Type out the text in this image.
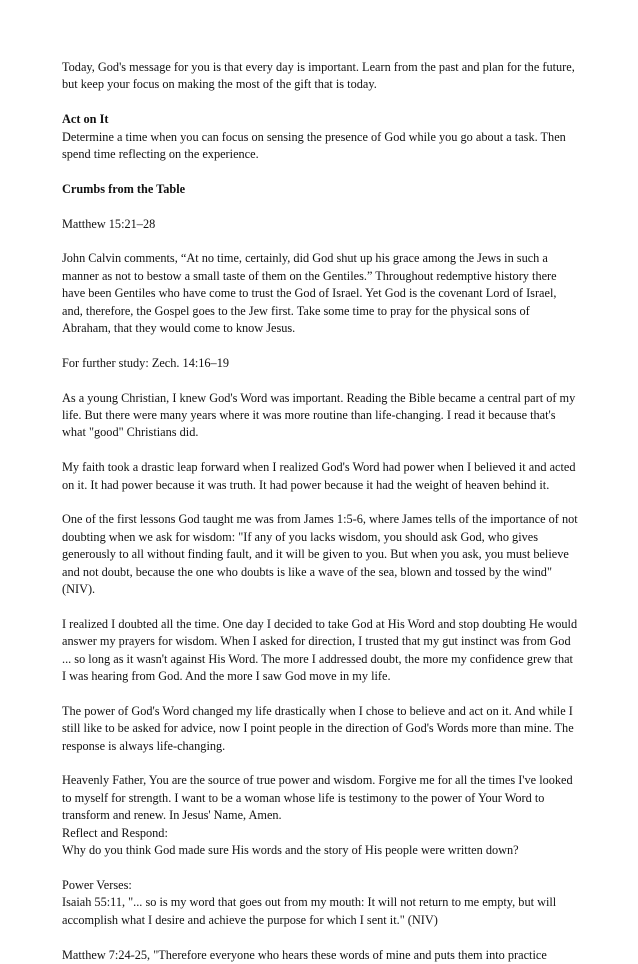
Today, God's message for you is that every day is important. Learn from the past and plan for the future, but keep your focus on making the most of the gift that is today.

Act on It

Determine a time when you can focus on sensing the presence of God while you go about a task. Then spend time reflecting on the experience.

Crumbs from the Table

Matthew 15:21–28

John Calvin comments, “At no time, certainly, did God shut up his grace among the Jews in such a manner as not to bestow a small taste of them on the Gentiles.” Throughout redemptive history there have been Gentiles who have come to trust the God of Israel. Yet God is the covenant Lord of Israel, and, therefore, the Gospel goes to the Jew first. Take some time to pray for the physical sons of Abraham, that they would come to know Jesus.

For further study: Zech. 14:16–19

As a young Christian, I knew God's Word was important. Reading the Bible became a central part of my life. But there were many years where it was more routine than life-changing. I read it because that's what "good" Christians did.

My faith took a drastic leap forward when I realized God's Word had power when I believed it and acted on it. It had power because it was truth. It had power because it had the weight of heaven behind it.

One of the first lessons God taught me was from James 1:5-6, where James tells of the importance of not doubting when we ask for wisdom: "If any of you lacks wisdom, you should ask God, who gives generously to all without finding fault, and it will be given to you. But when you ask, you must believe and not doubt, because the one who doubts is like a wave of the sea, blown and tossed by the wind" (NIV).

I realized I doubted all the time. One day I decided to take God at His Word and stop doubting He would answer my prayers for wisdom. When I asked for direction, I trusted that my gut instinct was from God ... so long as it wasn't against His Word. The more I addressed doubt, the more my confidence grew that I was hearing from God. And the more I saw God move in my life.

The power of God's Word changed my life drastically when I chose to believe and act on it. And while I still like to be asked for advice, now I point people in the direction of God's Words more than mine. The response is always life-changing.

Heavenly Father, You are the source of true power and wisdom. Forgive me for all the times I've looked to myself for strength. I want to be a woman whose life is testimony to the power of Your Word to transform and renew. In Jesus' Name, Amen.

Reflect and Respond:

Why do you think God made sure His words and the story of His people were written down?

Power Verses:

Isaiah 55:11, "... so is my word that goes out from my mouth: It will not return to me empty, but will accomplish what I desire and achieve the purpose for which I sent it." (NIV)

Matthew 7:24-25, "Therefore everyone who hears these words of mine and puts them into practice
